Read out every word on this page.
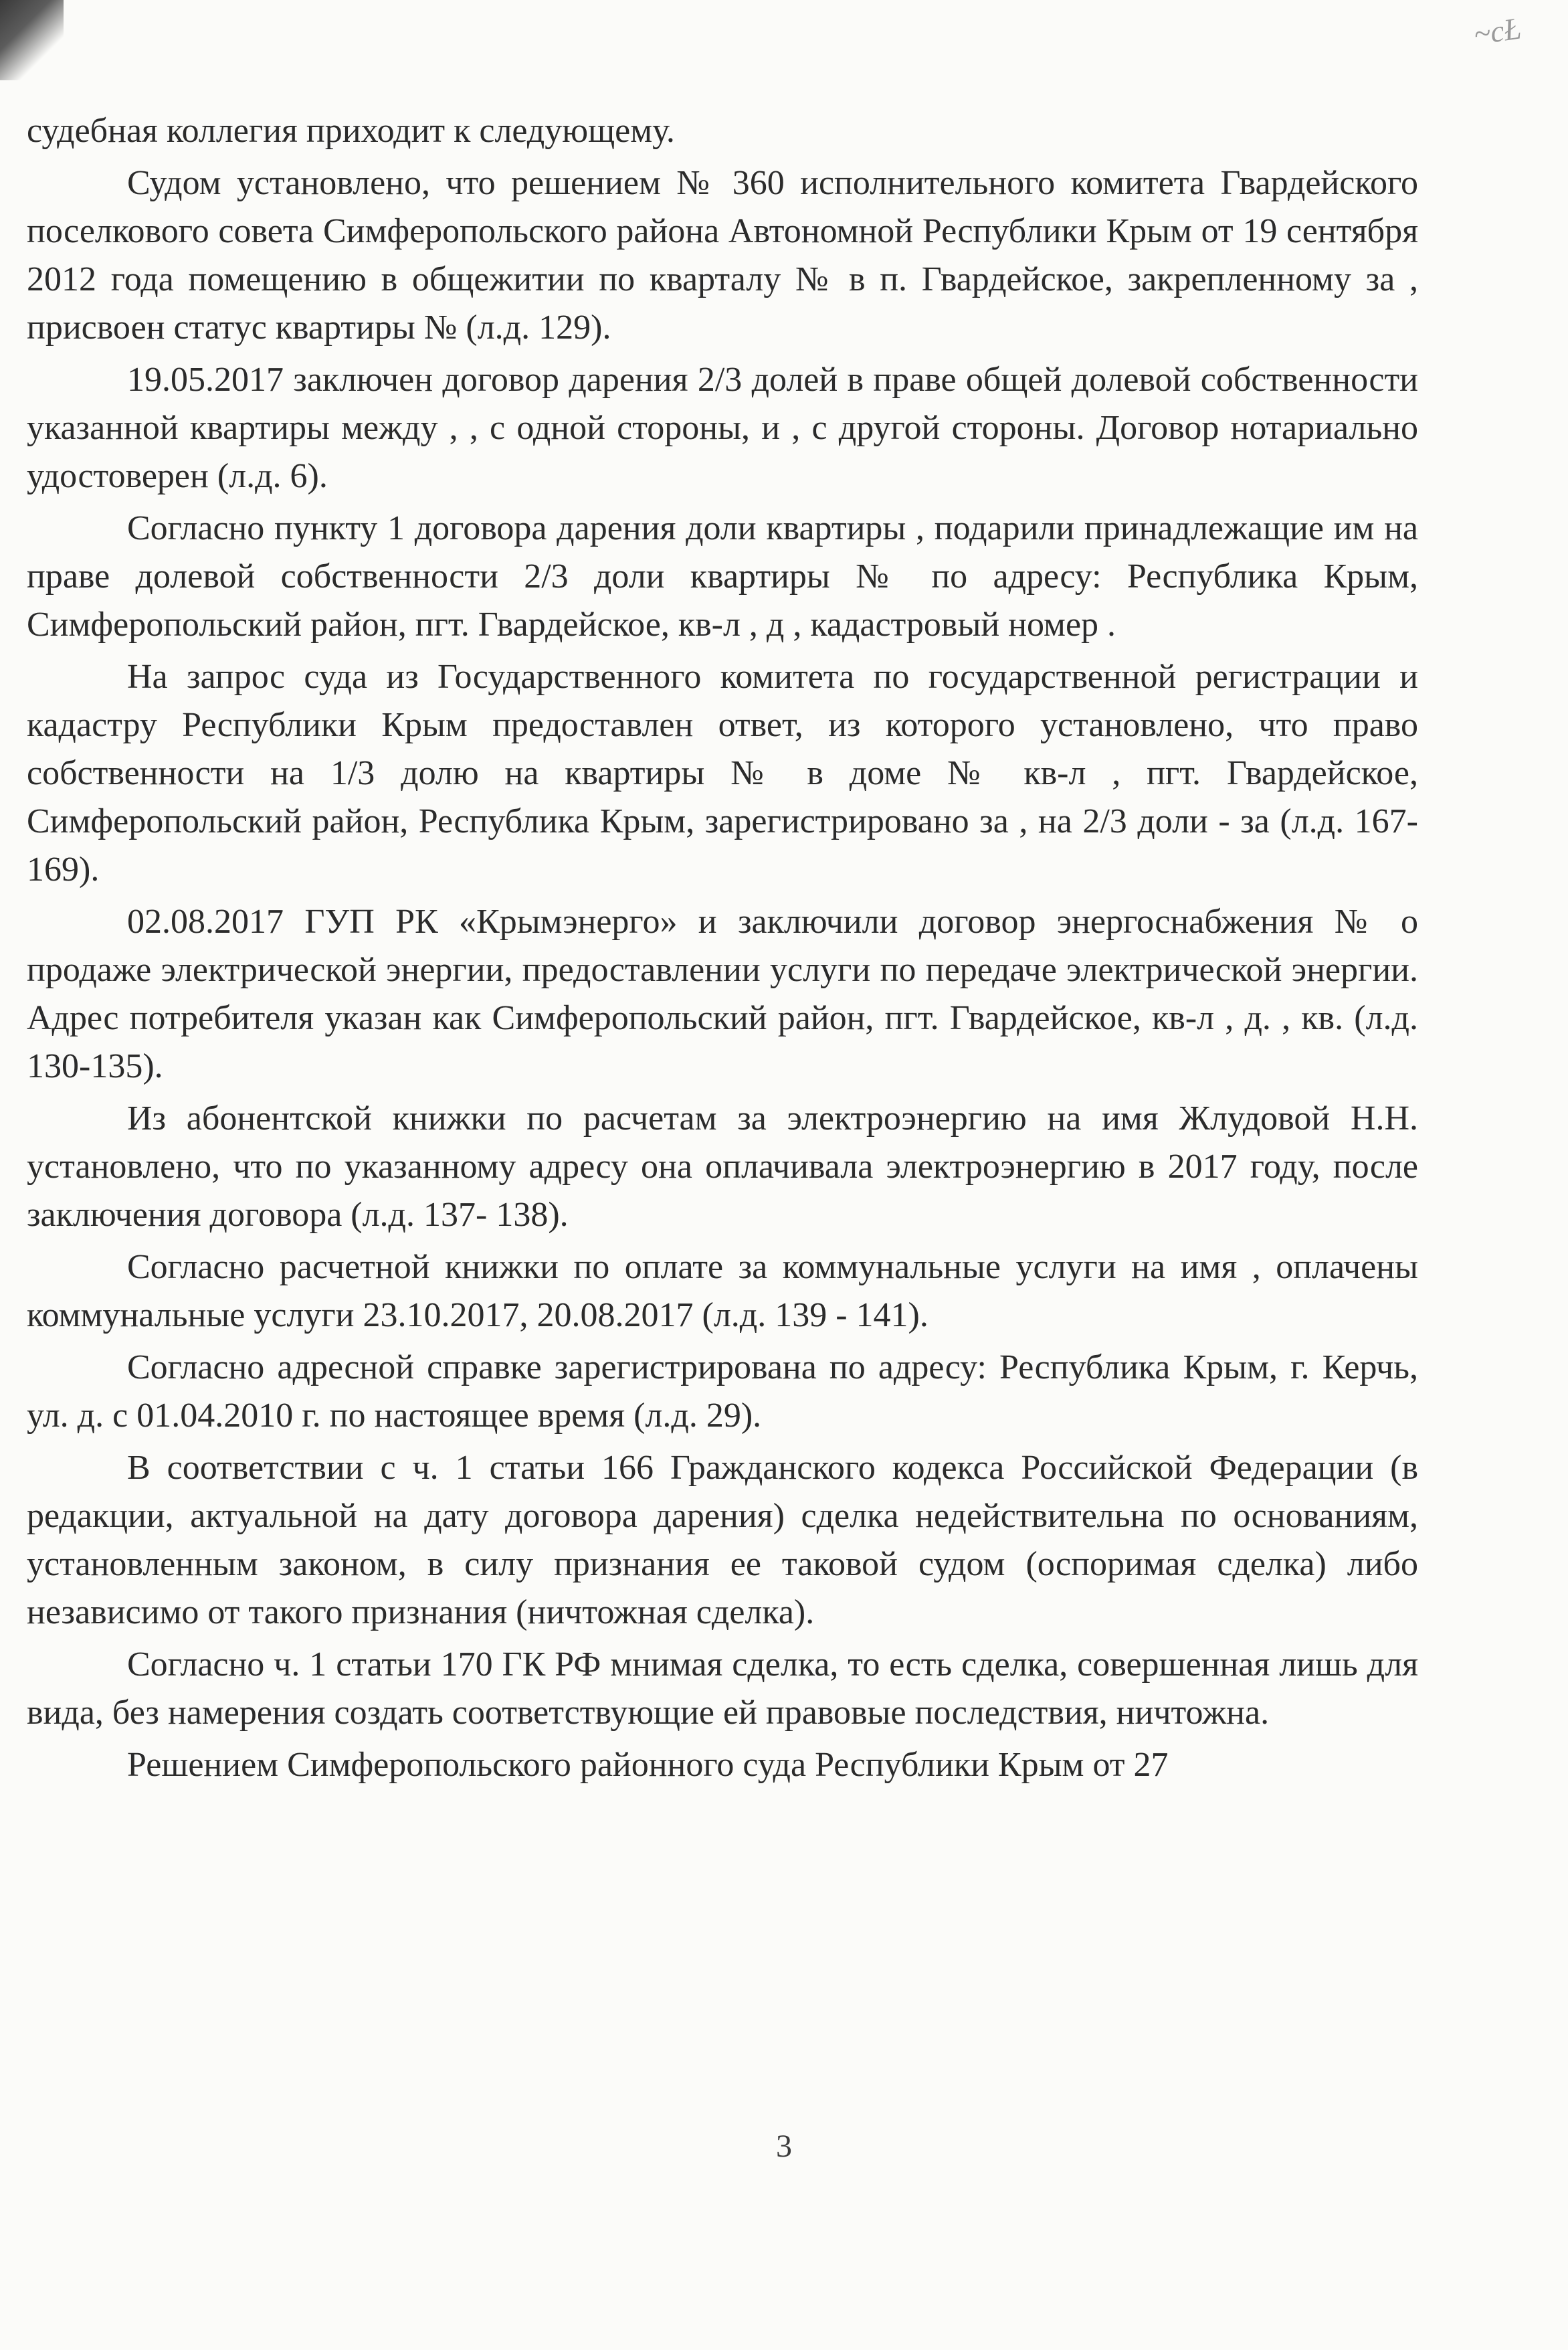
~cŁ

судебная коллегия приходит к следующему.

Судом установлено, что решением № 360 исполнительного комитета Гвардейского поселкового совета Симферопольского района Автономной Республики Крым от 19 сентября 2012 года помещению в общежитии по кварталу № в п. Гвардейское, закрепленному за , присвоен статус квартиры № (л.д. 129).

19.05.2017 заключен договор дарения 2/3 долей в праве общей долевой собственности указанной квартиры между , , с одной стороны, и , с другой стороны. Договор нотариально удостоверен (л.д. 6).

Согласно пункту 1 договора дарения доли квартиры , подарили принадлежащие им на праве долевой собственности 2/3 доли квартиры № по адресу: Республика Крым, Симферопольский район, пгт. Гвардейское, кв-л , д , кадастровый номер .

На запрос суда из Государственного комитета по государственной регистрации и кадастру Республики Крым предоставлен ответ, из которого установлено, что право собственности на 1/3 долю на квартиры № в доме № кв-л , пгт. Гвардейское, Симферопольский район, Республика Крым, зарегистрировано за , на 2/3 доли - за (л.д. 167-169).

02.08.2017 ГУП РК «Крымэнерго» и заключили договор энергоснабжения № о продаже электрической энергии, предоставлении услуги по передаче электрической энергии. Адрес потребителя указан как Симферопольский район, пгт. Гвардейское, кв-л , д. , кв. (л.д. 130-135).

Из абонентской книжки по расчетам за электроэнергию на имя Жлудовой Н.Н. установлено, что по указанному адресу она оплачивала электроэнергию в 2017 году, после заключения договора (л.д. 137- 138).

Согласно расчетной книжки по оплате за коммунальные услуги на имя , оплачены коммунальные услуги 23.10.2017, 20.08.2017 (л.д. 139 - 141).

Согласно адресной справке зарегистрирована по адресу: Республика Крым, г. Керчь, ул. д. с 01.04.2010 г. по настоящее время (л.д. 29).

В соответствии с ч. 1 статьи 166 Гражданского кодекса Российской Федерации (в редакции, актуальной на дату договора дарения) сделка недействительна по основаниям, установленным законом, в силу признания ее таковой судом (оспоримая сделка) либо независимо от такого признания (ничтожная сделка).

Согласно ч. 1 статьи 170 ГК РФ мнимая сделка, то есть сделка, совершенная лишь для вида, без намерения создать соответствующие ей правовые последствия, ничтожна.

Решением Симферопольского районного суда Республики Крым от 27

3
